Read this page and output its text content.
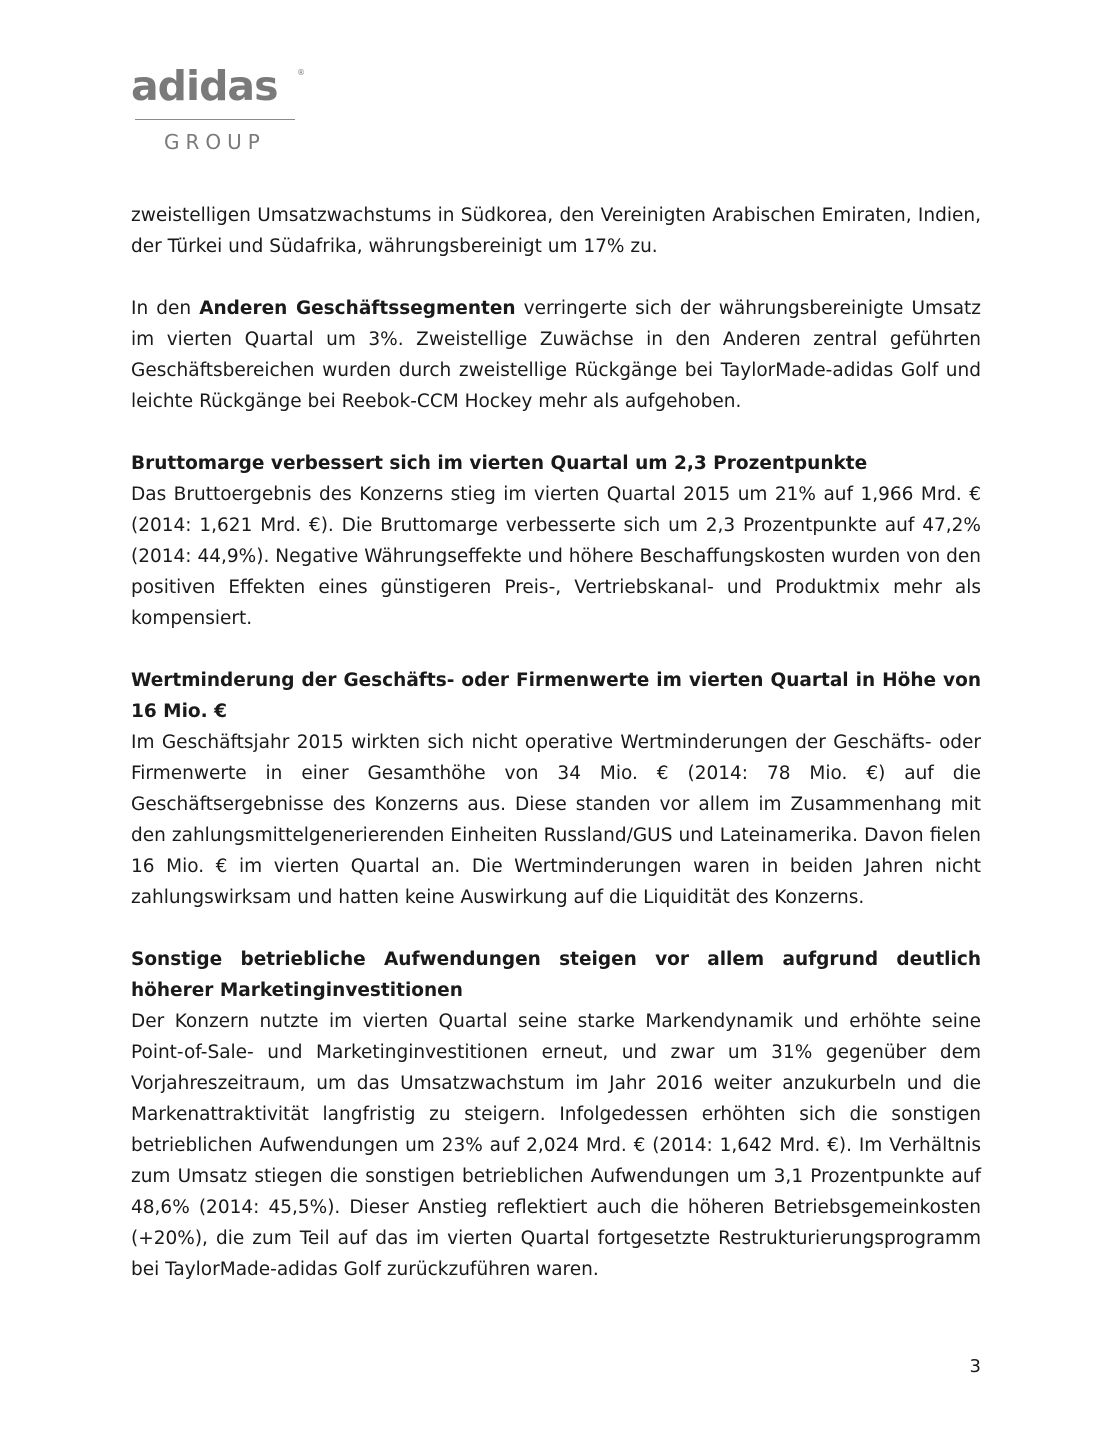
adidas ®
GROUP

zweistelligen Umsatzwachstums in Südkorea, den Vereinigten Arabischen Emiraten, Indien, der Türkei und Südafrika, währungsbereinigt um 17% zu.

In den Anderen Geschäftssegmenten verringerte sich der währungsbereinigte Umsatz im vierten Quartal um 3%. Zweistellige Zuwächse in den Anderen zentral geführten Geschäftsbereichen wurden durch zweistellige Rückgänge bei TaylorMade-adidas Golf und leichte Rückgänge bei Reebok-CCM Hockey mehr als aufgehoben.

Bruttomarge verbessert sich im vierten Quartal um 2,3 Prozentpunkte

Das Bruttoergebnis des Konzerns stieg im vierten Quartal 2015 um 21% auf 1,966 Mrd. € (2014: 1,621 Mrd. €). Die Bruttomarge verbesserte sich um 2,3 Prozentpunkte auf 47,2% (2014: 44,9%). Negative Währungseffekte und höhere Beschaffungskosten wurden von den positiven Effekten eines günstigeren Preis-, Vertriebskanal- und Produktmix mehr als kompensiert.

Wertminderung der Geschäfts- oder Firmenwerte im vierten Quartal in Höhe von 16 Mio. €

Im Geschäftsjahr 2015 wirkten sich nicht operative Wertminderungen der Geschäfts- oder Firmenwerte in einer Gesamthöhe von 34 Mio. € (2014: 78 Mio. €) auf die Geschäftsergebnisse des Konzerns aus. Diese standen vor allem im Zusammenhang mit den zahlungsmittelgenerierenden Einheiten Russland/GUS und Lateinamerika. Davon fielen 16 Mio. € im vierten Quartal an. Die Wertminderungen waren in beiden Jahren nicht zahlungswirksam und hatten keine Auswirkung auf die Liquidität des Konzerns.

Sonstige betriebliche Aufwendungen steigen vor allem aufgrund deutlich höherer Marketinginvestitionen

Der Konzern nutzte im vierten Quartal seine starke Markendynamik und erhöhte seine Point-of-Sale- und Marketinginvestitionen erneut, und zwar um 31% gegenüber dem Vorjahreszeitraum, um das Umsatzwachstum im Jahr 2016 weiter anzukurbeln und die Markenattraktivität langfristig zu steigern. Infolgedessen erhöhten sich die sonstigen betrieblichen Aufwendungen um 23% auf 2,024 Mrd. € (2014: 1,642 Mrd. €). Im Verhältnis zum Umsatz stiegen die sonstigen betrieblichen Aufwendungen um 3,1 Prozentpunkte auf 48,6% (2014: 45,5%). Dieser Anstieg reflektiert auch die höheren Betriebsgemeinkosten (+20%), die zum Teil auf das im vierten Quartal fortgesetzte Restrukturierungsprogramm bei TaylorMade-adidas Golf zurückzuführen waren.

3
